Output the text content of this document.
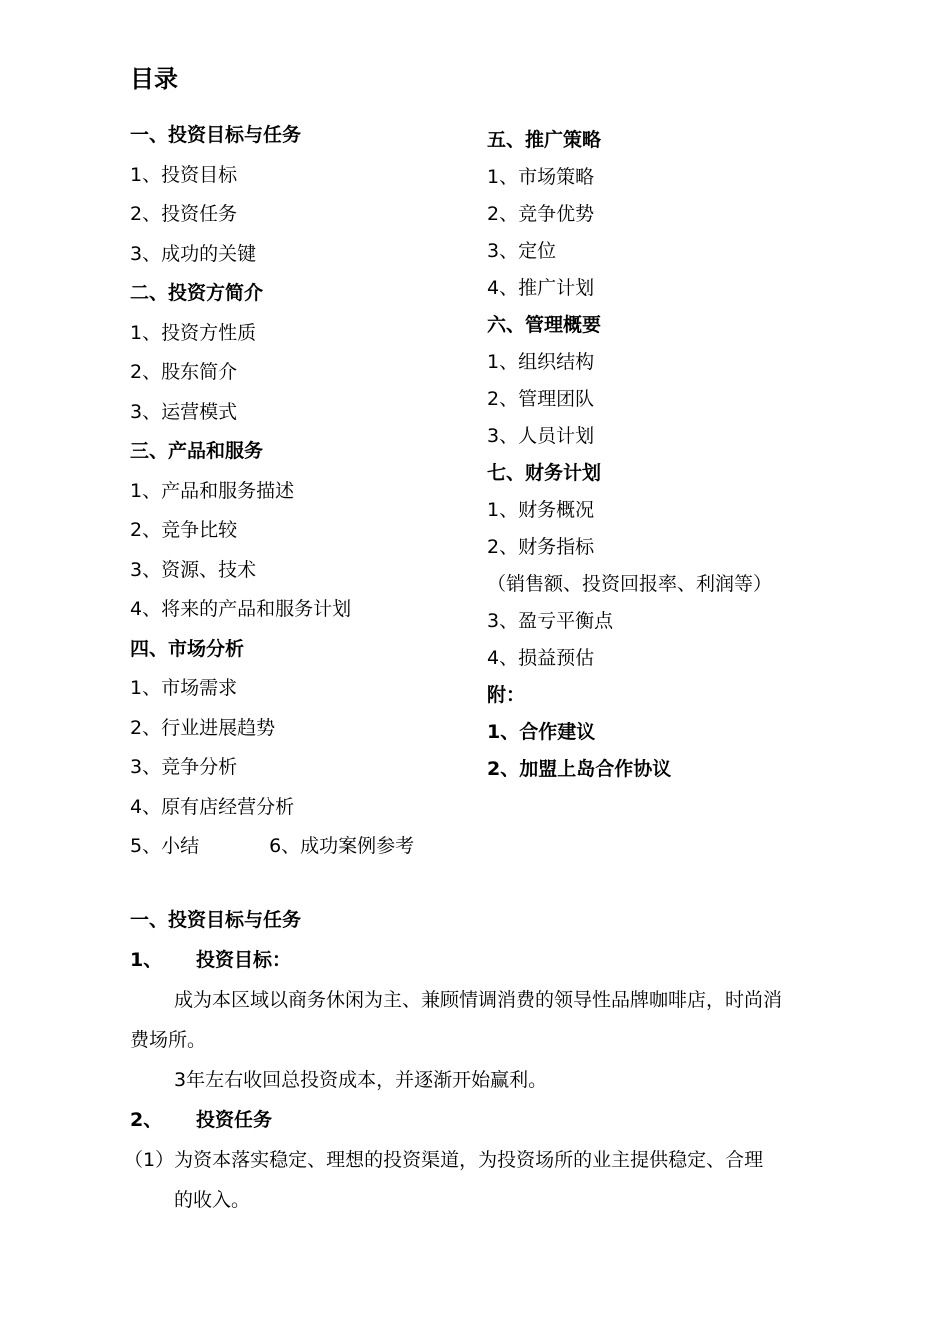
目录
一、投资目标与任务
1、投资目标
2、投资任务
3、成功的关键
二、投资方简介
1、投资方性质
2、股东简介
3、运营模式
三、产品和服务
1、产品和服务描述
2、竞争比较
3、资源、技术
4、将来的产品和服务计划
四、市场分析
1、市场需求
2、行业进展趋势
3、竞争分析
4、原有店经营分析
5、小结	6、成功案例参考
五、推广策略
1、市场策略
2、竞争优势
3、定位
4、推广计划
六、管理概要
1、组织结构
2、管理团队
3、人员计划
七、财务计划
1、财务概况
2、财务指标
（销售额、投资回报率、利润等）
3、盈亏平衡点
4、损益预估
附：
1、合作建议
2、加盟上岛合作协议
一、投资目标与任务
1、 投资目标：
成为本区域以商务休闲为主、兼顾情调消费的领导性品牌咖啡店，时尚消
费场所。
3年左右收回总投资成本，并逐渐开始赢利。
2、 投资任务
（1）为资本落实稳定、理想的投资渠道，为投资场所的业主提供稳定、合理
的收入。
